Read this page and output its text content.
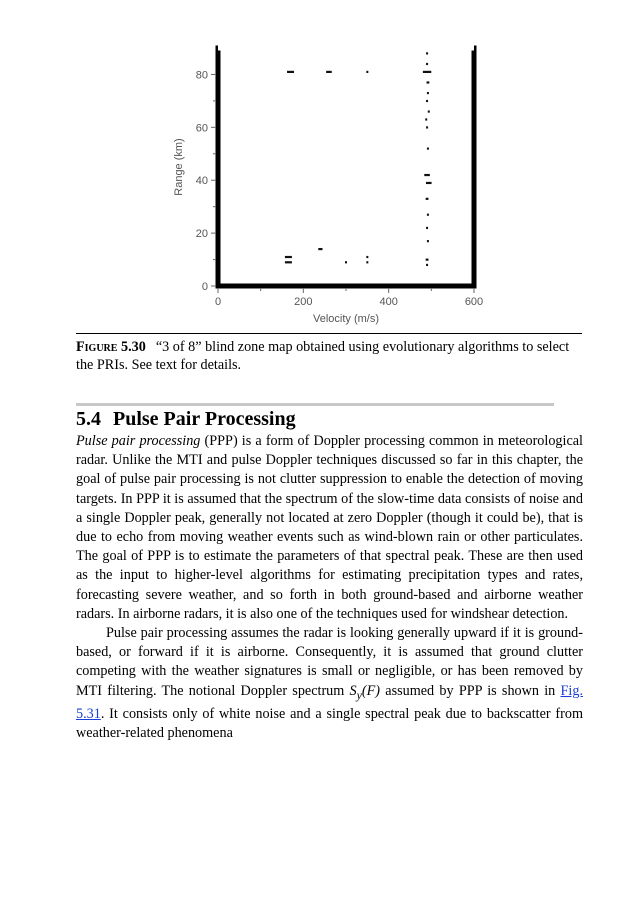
0	200	400	600
0
20
40
60
80
Velocity (m/s)
Range (km)
Figure 5.30 “3 of 8” blind zone map obtained using evolutionary algorithms to select the PRIs. See text for details.
5.4 Pulse Pair Processing

Pulse pair processing (PPP) is a form of Doppler processing common in meteorological radar. Unlike the MTI and pulse Doppler techniques discussed so far in this chapter, the goal of pulse pair processing is not clutter suppression to enable the detection of moving targets. In PPP it is assumed that the spectrum of the slow-time data consists of noise and a single Doppler peak, generally not located at zero Doppler (though it could be), that is due to echo from moving weather events such as wind-blown rain or other particulates. The goal of PPP is to estimate the parameters of that spectral peak. These are then used as the input to higher-level algorithms for estimating precipitation types and rates, forecasting severe weather, and so forth in both ground-based and airborne weather radars. In airborne radars, it is also one of the techniques used for windshear detection.

Pulse pair processing assumes the radar is looking generally upward if it is ground-based, or forward if it is airborne. Consequently, it is assumed that ground clutter competing with the weather signatures is small or negligible, or has been removed by MTI filtering. The notional Doppler spectrum $S_y(F)$ assumed by PPP is shown in Fig. 5.31. It consists only of white noise and a single spectral peak due to backscatter from weather-related phenomena
